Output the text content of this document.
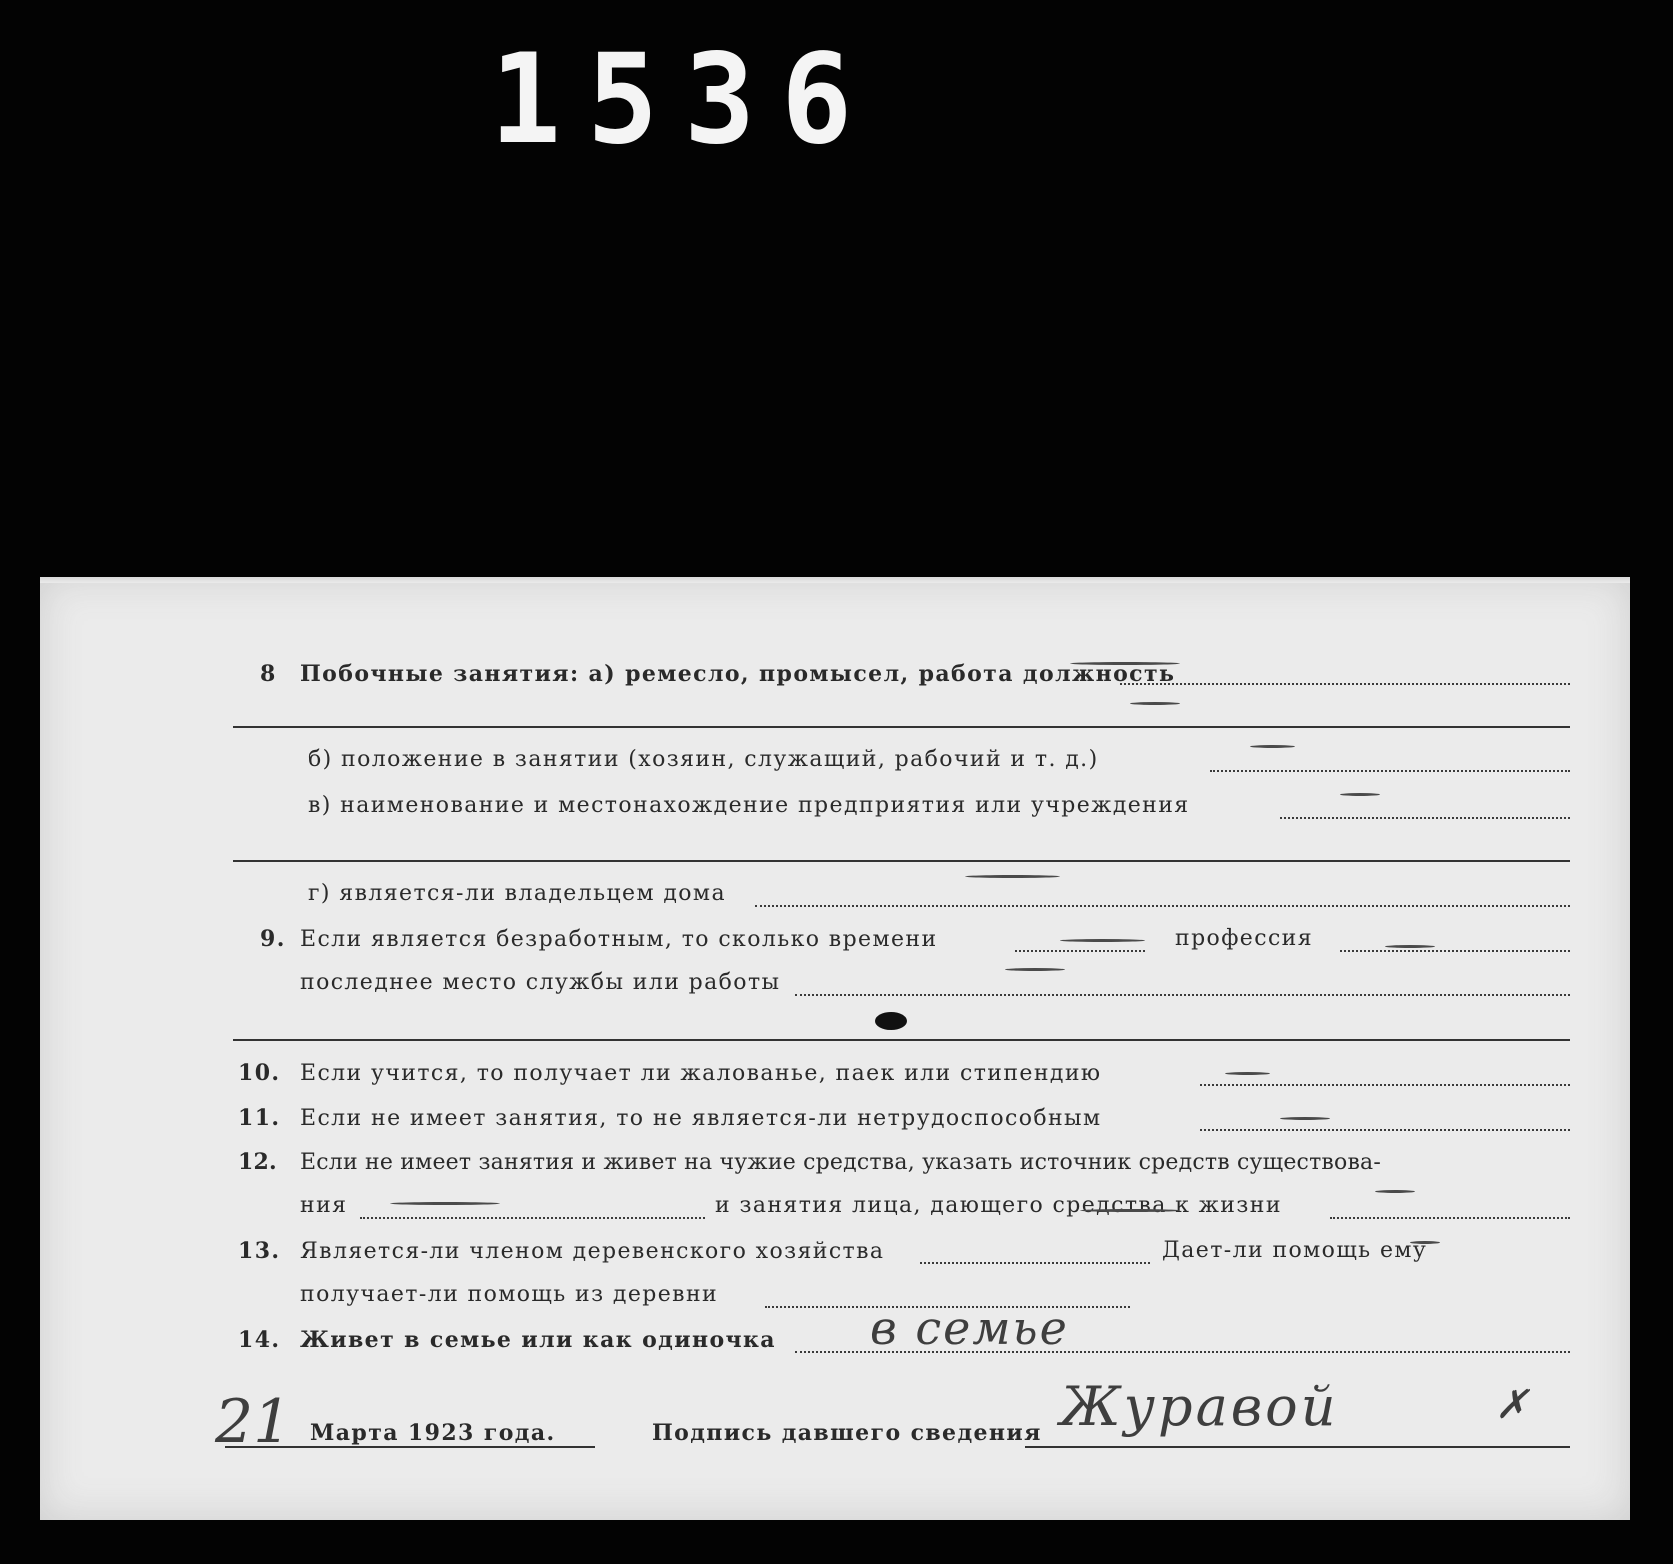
1536
8 Побочныe занятия: а) ремесло, промысел, работа должность
б) положение в занятии (хозяин, служащий, рабочий и т. д.)
в) наименование и местонахождение предприятия или учреждения
г) является-ли владельцем дома
9. Если является безработным, то сколько времени	профессия
последнее место службы или работы
10. Если учится, то получает ли жалованье, паек или стипендию
11. Если не имеет занятия, то не является-ли нетрудоспособным
12. Если не имеет занятия и живет на чужие средства, указать источник средств существова-
ния	и занятия лица, дающего средства к жизни
13. Является-ли членом деревенского хозяйства	Дает-ли помощь ему
получает-ли помощь из деревни
14. Живет в семье или как одиночка в семье
21 Марта 1923 года.	Подпись давшего сведения Журавой	✗
